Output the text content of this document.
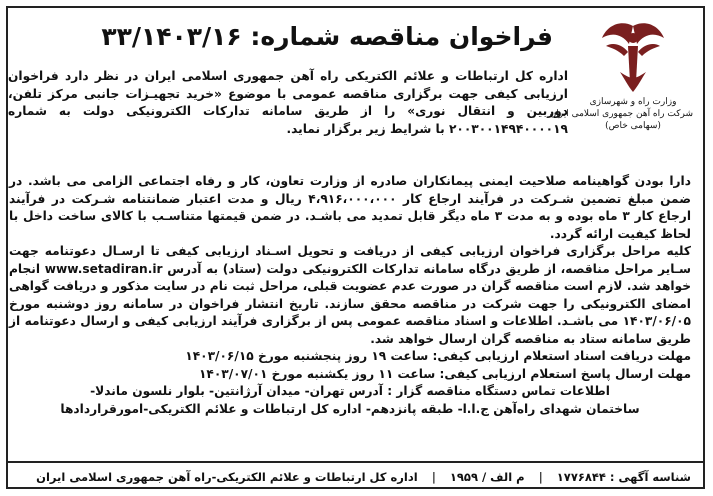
وزارت راه و شهرسازی
شرکت راه آهن جمهوری اسلامی ایران
(سهامی خاص)
فراخوان مناقصه شماره: ۳۳/۱۴۰۳/۱۶

اداره کل ارتباطات و علائم الکتریکی راه آهن جمهوری اسلامی ایران در نظر دارد فراخوان ارزیابی کیفی جهت برگزاری مناقصه عمومی با موضوع «خرید تجهیـزات جانبی مرکز تلفن، دوربین و انتقال نوری» را از طریق سامانه تدارکات الکترونیکی دولت به شماره ۲۰۰۳۰۰۱۴۹۴۰۰۰۰۱۹ با شرایط زیر برگزار نماید.

دارا بودن گواهینامه صلاحیت ایمنی پیمانکاران صادره از وزارت تعاون، کار و رفاه اجتماعی الزامی می باشد. در ضمن مبلغ تضمین شـرکت در فرآیند ارجاع کار ۴،۹۱۶،۰۰۰،۰۰۰ ریال و مدت اعتبار ضمانتنامه شـرکت در فرآیند ارجاع کار ۳ ماه بوده و به مدت ۳ ماه دیگر قابل تمدید می باشـد. در ضمن قیمتها متناسـب با کالای ساخت داخل با لحاظ کیفیت ارائه گردد.

کلیه مراحل برگزاری فراخوان ارزیابی کیفی از دریافت و تحویل اسـناد ارزیابی کیفی تا ارسـال دعوتنامه جهت سـایر مراحل مناقصه، از طریق درگاه سامانه تدارکات الکترونیکی دولت (ستاد) به آدرس www.setadiran.ir انجام خواهد شد. لازم است مناقصه گران در صورت عدم عضویت قبلی، مراحل ثبت نام در سایت مذکور و دریافت گواهی امضای الکترونیکی را جهت شرکت در مناقصه محقق سازند. تاریخ انتشار فراخوان در سامانه روز دوشنبه مورخ ۱۴۰۳/۰۶/۰۵ می باشـد. اطلاعات و اسناد مناقصه عمومی پس از برگزاری فرآیند ارزیابی کیفی و ارسال دعوتنامه از طریق سامانه ستاد به مناقصه گران ارسال خواهد شد.

مهلت دریافت اسناد استعلام ارزیابی کیفی: ساعت ۱۹ روز پنجشنبه مورخ ۱۴۰۳/۰۶/۱۵

مهلت ارسال پاسخ استعلام ارزیابی کیفی: ساعت ۱۱ روز یکشنبه مورخ ۱۴۰۳/۰۷/۰۱

اطلاعات تماس دستگاه مناقصه گزار : آدرس تهران- میدان آرژانتین- بلوار نلسون ماندلا-

ساختمان شهدای راه‌آهن ج.ا.ا- طبقه پانزدهم- اداره کل ارتباطات و علائم الکتریکی-امورقراردادها

شناسه آگهی : ۱۷۷۶۸۴۴
|
م الف / ۱۹۵۹
|
اداره کل ارتباطات و علائم الکتریکی-راه آهن جمهوری اسلامی ایران
